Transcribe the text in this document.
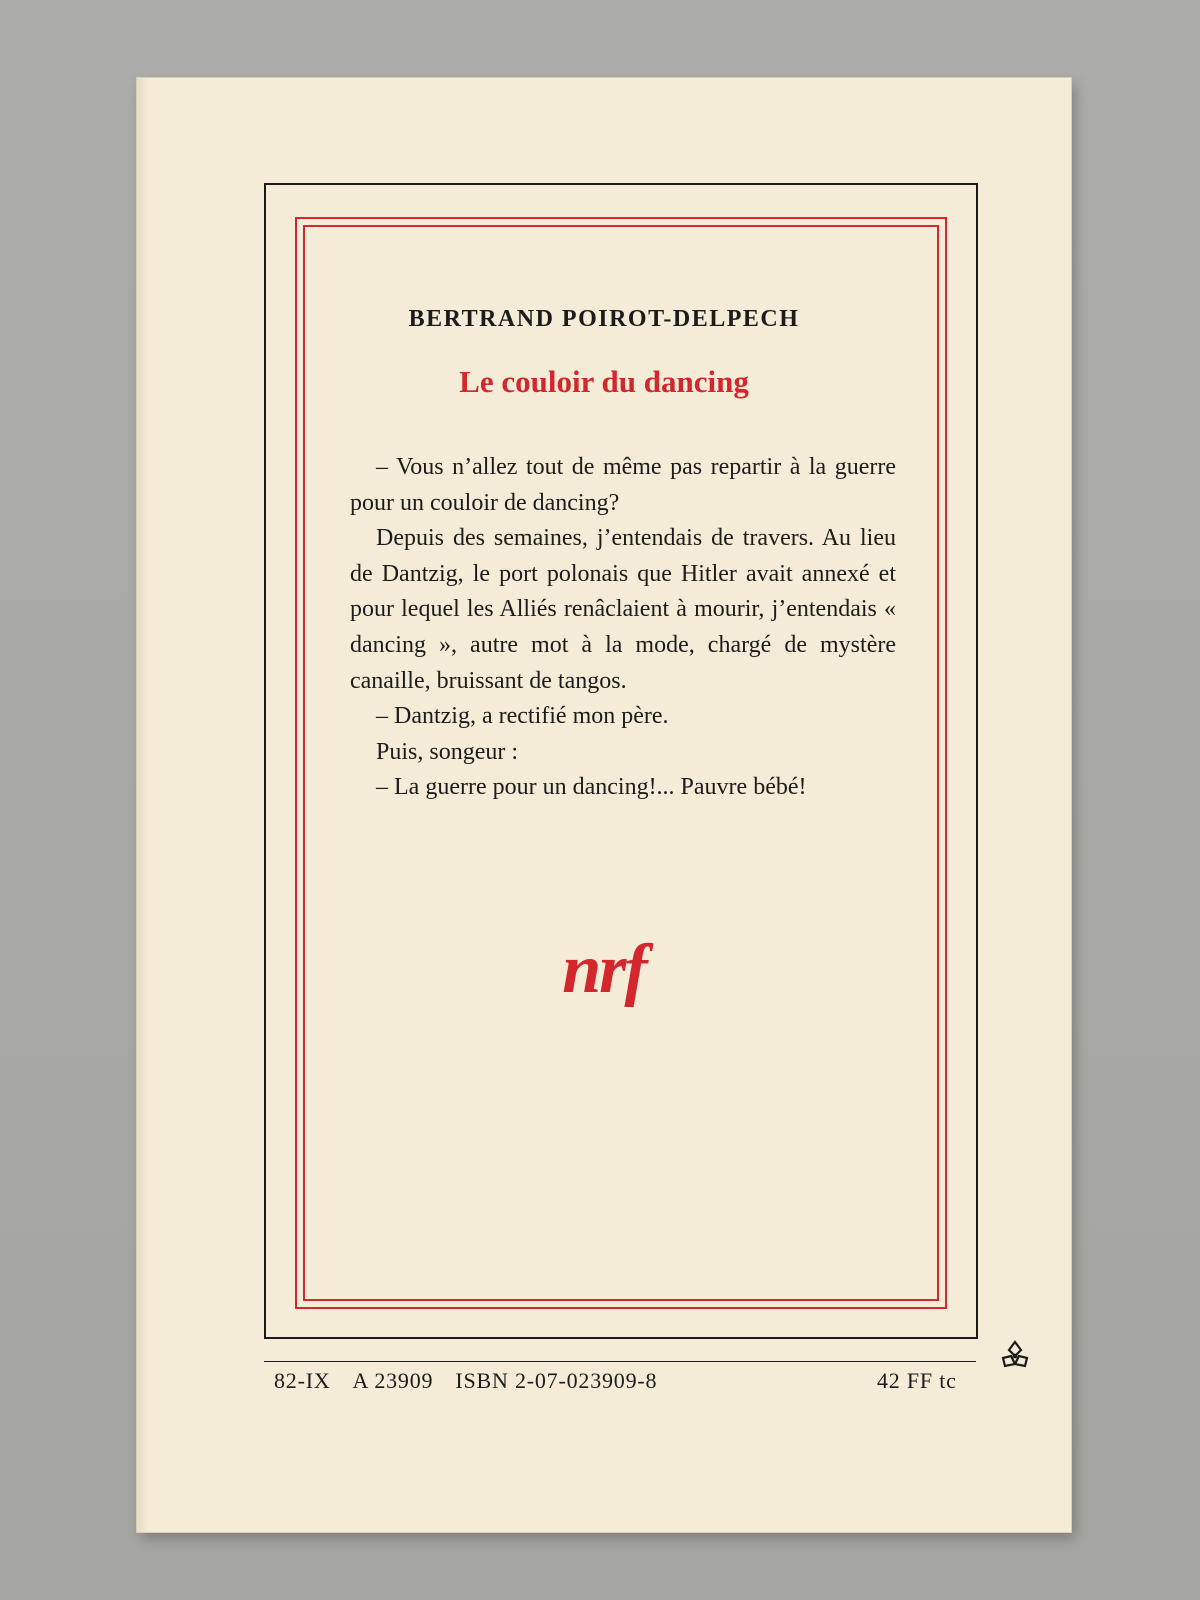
BERTRAND POIROT-DELPECH
Le couloir du dancing

– Vous n’allez tout de même pas repartir à la guerre pour un couloir de dancing?

Depuis des semaines, j’entendais de travers. Au lieu de Dantzig, le port polonais que Hitler avait annexé et pour lequel les Alliés renâclaient à mourir, j’entendais « dancing », autre mot à la mode, chargé de mystère canaille, bruissant de tangos.

– Dantzig, a rectifié mon père.

Puis, songeur :

– La guerre pour un dancing!... Pauvre bébé!

nrf
82-IX A 23909 ISBN 2-07-023909-8	42 FF tc
